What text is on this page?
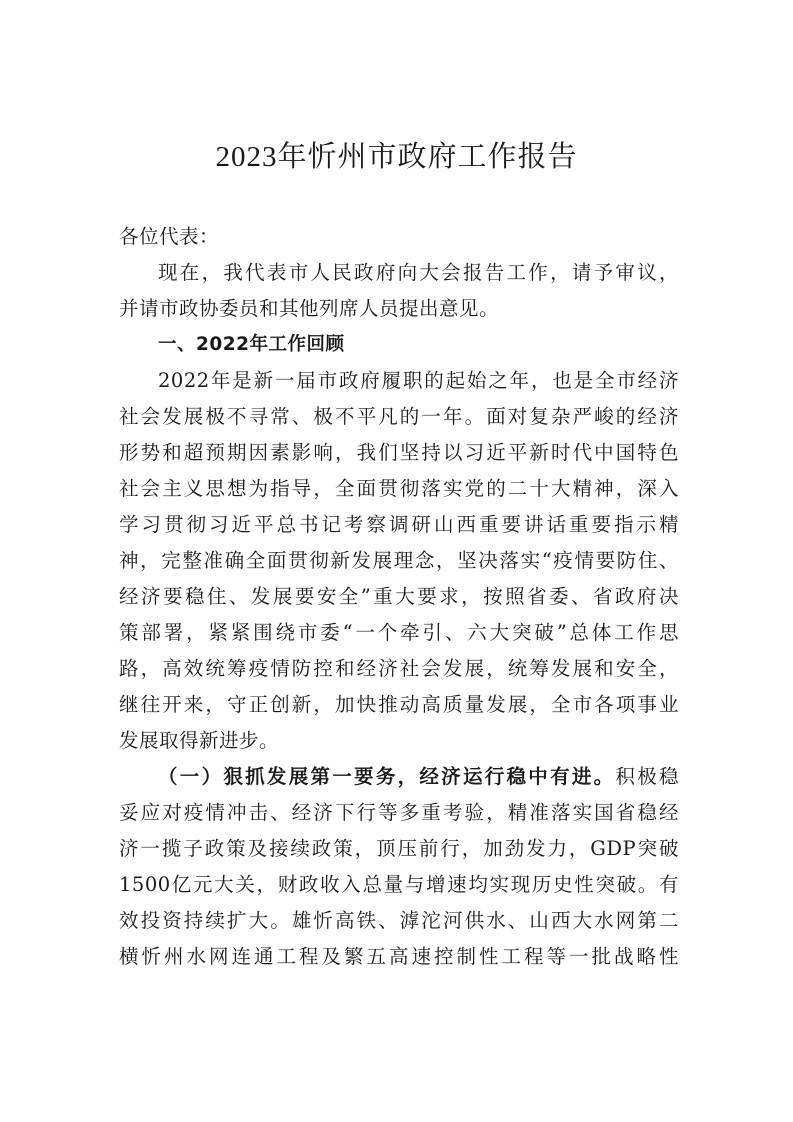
2023年忻州市政府工作报告
各位代表：
现在，我代表市人民政府向大会报告工作，请予审议，
并请市政协委员和其他列席人员提出意见。
一、2022年工作回顾
2022年是新一届市政府履职的起始之年，也是全市经济
社会发展极不寻常、极不平凡的一年。面对复杂严峻的经济
形势和超预期因素影响，我们坚持以习近平新时代中国特色
社会主义思想为指导，全面贯彻落实党的二十大精神，深入
学习贯彻习近平总书记考察调研山西重要讲话重要指示精
神，完整准确全面贯彻新发展理念，坚决落实“疫情要防住、
经济要稳住、发展要安全”重大要求，按照省委、省政府决
策部署，紧紧围绕市委“一个牵引、六大突破”总体工作思
路，高效统筹疫情防控和经济社会发展，统筹发展和安全，
继往开来，守正创新，加快推动高质量发展，全市各项事业
发展取得新进步。
（一）狠抓发展第一要务，经济运行稳中有进。积极稳
妥应对疫情冲击、经济下行等多重考验，精准落实国省稳经
济一揽子政策及接续政策，顶压前行，加劲发力，GDP突破
1500亿元大关，财政收入总量与增速均实现历史性突破。有
效投资持续扩大。雄忻高铁、滹沱河供水、山西大水网第二
横忻州水网连通工程及繁五高速控制性工程等一批战略性
